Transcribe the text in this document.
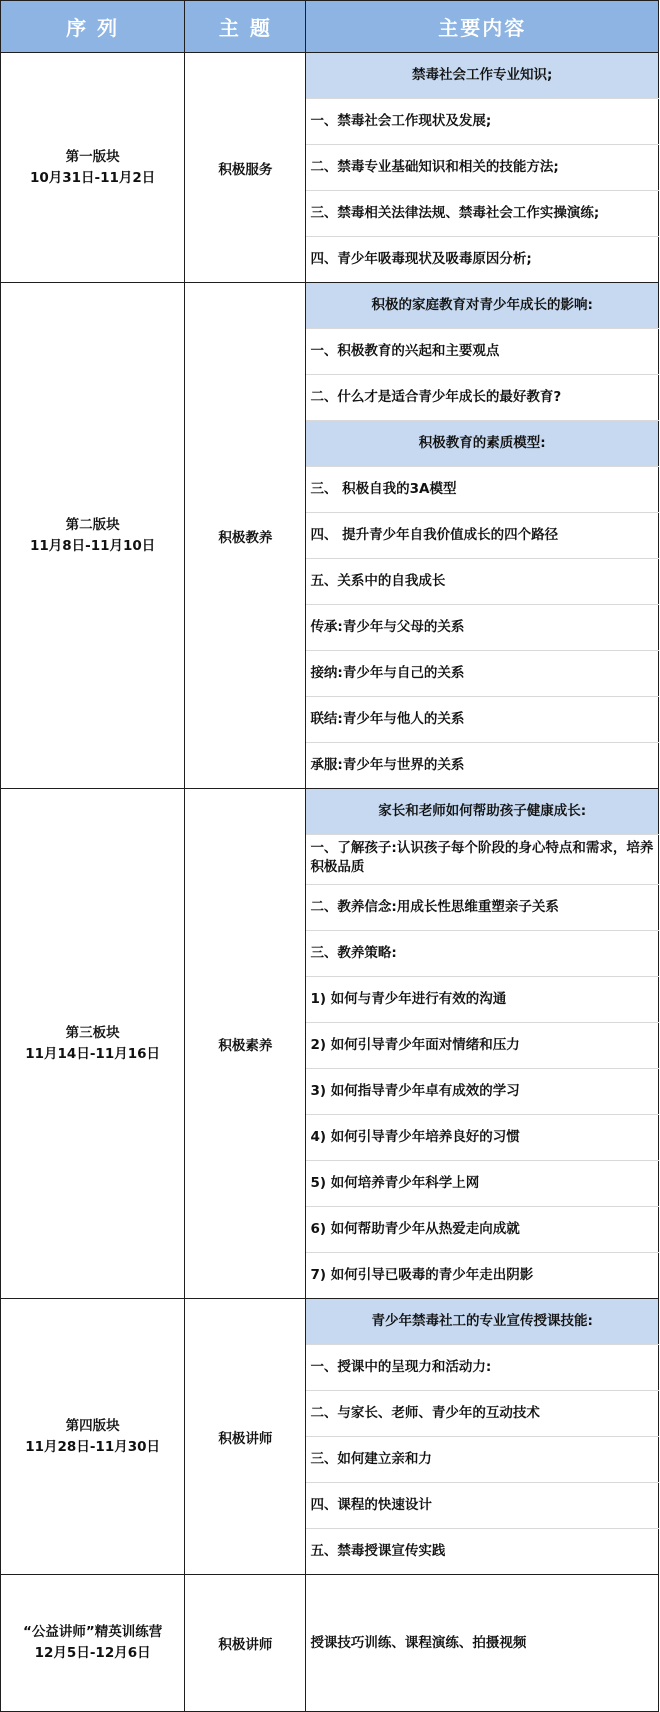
序 列	主 题	主要内容

第一版块
10月31日-11月2日	积极服务	禁毒社会工作专业知识;
		一、禁毒社会工作现状及发展;
		二、禁毒专业基础知识和相关的技能方法;
		三、禁毒相关法律法规、禁毒社会工作实操演练;
		四、青少年吸毒现状及吸毒原因分析;

第二版块
11月8日-11月10日	积极教养	积极的家庭教育对青少年成长的影响:
		一、积极教育的兴起和主要观点
		二、什么才是适合青少年成长的最好教育?
		积极教育的素质模型:
		三、 积极自我的3A模型
		四、 提升青少年自我价值成长的四个路径
		五、关系中的自我成长
		传承:青少年与父母的关系
		接纳:青少年与自己的关系
		联结:青少年与他人的关系
		承服:青少年与世界的关系

第三板块
11月14日-11月16日	积极素养	家长和老师如何帮助孩子健康成长:
		一、了解孩子:认识孩子每个阶段的身心特点和需求，培养积极品质
		二、教养信念:用成长性思维重塑亲子关系
		三、教养策略:
		1) 如何与青少年进行有效的沟通
		2) 如何引导青少年面对情绪和压力
		3) 如何指导青少年卓有成效的学习
		4) 如何引导青少年培养良好的习惯
		5) 如何培养青少年科学上网
		6) 如何帮助青少年从热爱走向成就
		7) 如何引导已吸毒的青少年走出阴影

第四版块
11月28日-11月30日	积极讲师	青少年禁毒社工的专业宣传授课技能:
		一、授课中的呈现力和活动力:
		二、与家长、老师、青少年的互动技术
		三、如何建立亲和力
		四、课程的快速设计
		五、禁毒授课宣传实践

“公益讲师”精英训练营
12月5日-12月6日	积极讲师	授课技巧训练、课程演练、拍摄视频
